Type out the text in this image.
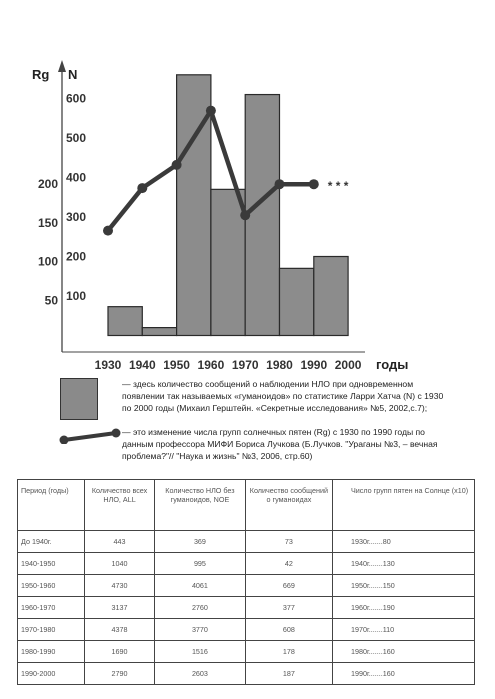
1930 1940 1950 1960 1970 1980 1990 2000
100
200
300
400
500
600
50
100
150
200	* * *
Rg N
годы
— здесь количество сообщений о наблюдении НЛО при одновременном появлении так называемых «гуманоидов» по статистике Ларри Хатча (N) с 1930 по 2000 годы (Михаил Герштейн. «Секретные исследования» №5, 2002,с.7);
— это изменение числа групп солнечных пятен (Rg) с 1930 по 1990 годы по данным профессора МИФИ Бориса Лучкова (Б.Лучков. "Ураганы №3, – вечная проблема?"// "Наука и жизнь" №3, 2006, стр.60)
Период (годы)	Количество всех НЛО, ALL	Количество НЛО без гуманоидов, NOE	Количество сообщений о гуманоидах	Число групп пятен на Солнце (x10)
До 1940г.	443	369	73	1930г.......80
1940-1950	1040	995	42	1940г.......130
1950-1960	4730	4061	669	1950г.......150
1960-1970	3137	2760	377	1960г.......190
1970-1980	4378	3770	608	1970г.......110
1980-1990	1690	1516	178	1980г.......160
1990-2000	2790	2603	187	1990г.......160
